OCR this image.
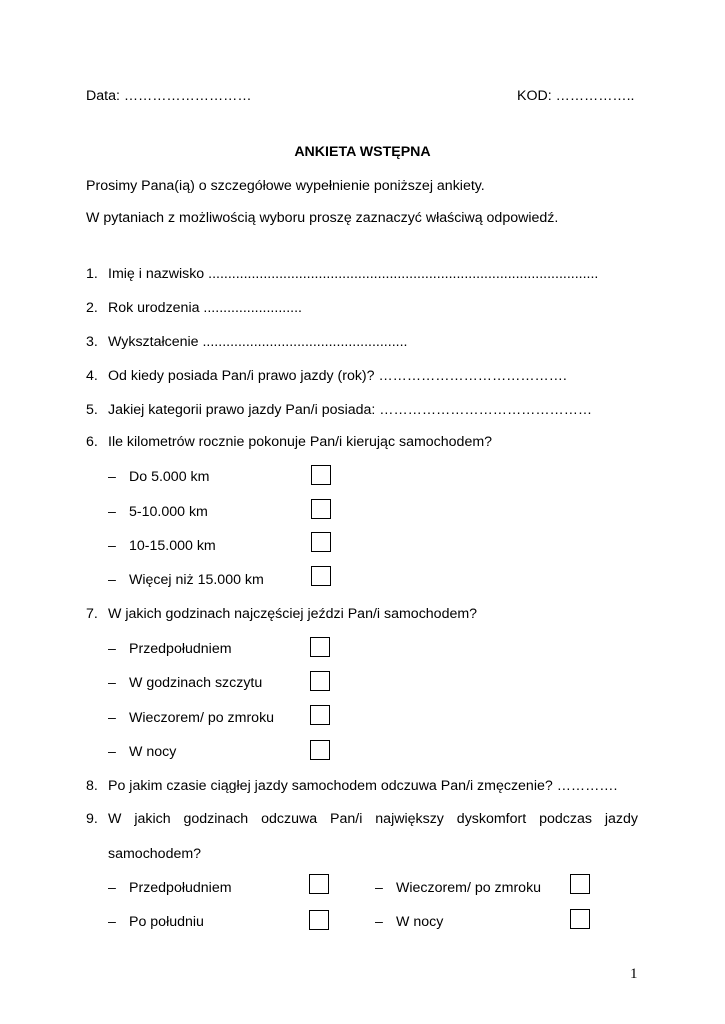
Data: ………………………	KOD: ……………..
ANKIETA WSTĘPNA
Prosimy Pana(ią) o szczegółowe wypełnienie poniższej ankiety.
W pytaniach z możliwością wyboru proszę zaznaczyć właściwą odpowiedź.
1. Imię i nazwisko ...................................................................................................
2. Rok urodzenia .........................
3. Wykształcenie ....................................................
4. Od kiedy posiada Pan/i prawo jazdy (rok)? ………………………………….
5. Jakiej kategorii prawo jazdy Pan/i posiada: ………………………………………
6. Ile kilometrów rocznie pokonuje Pan/i kierując samochodem?
– Do 5.000 km
– 5-10.000 km
– 10-15.000 km
– Więcej niż 15.000 km
7. W jakich godzinach najczęściej jeździ Pan/i samochodem?
– Przedpołudniem
– W godzinach szczytu
– Wieczorem/ po zmroku
– W nocy
8. Po jakim czasie ciągłej jazdy samochodem odczuwa Pan/i zmęczenie? ………….
9. W jakich godzinach odczuwa Pan/i największy dyskomfort podczas jazdy
samochodem?
– Przedpołudniem	– Wieczorem/ po zmroku
– Po południu	– W nocy
1
